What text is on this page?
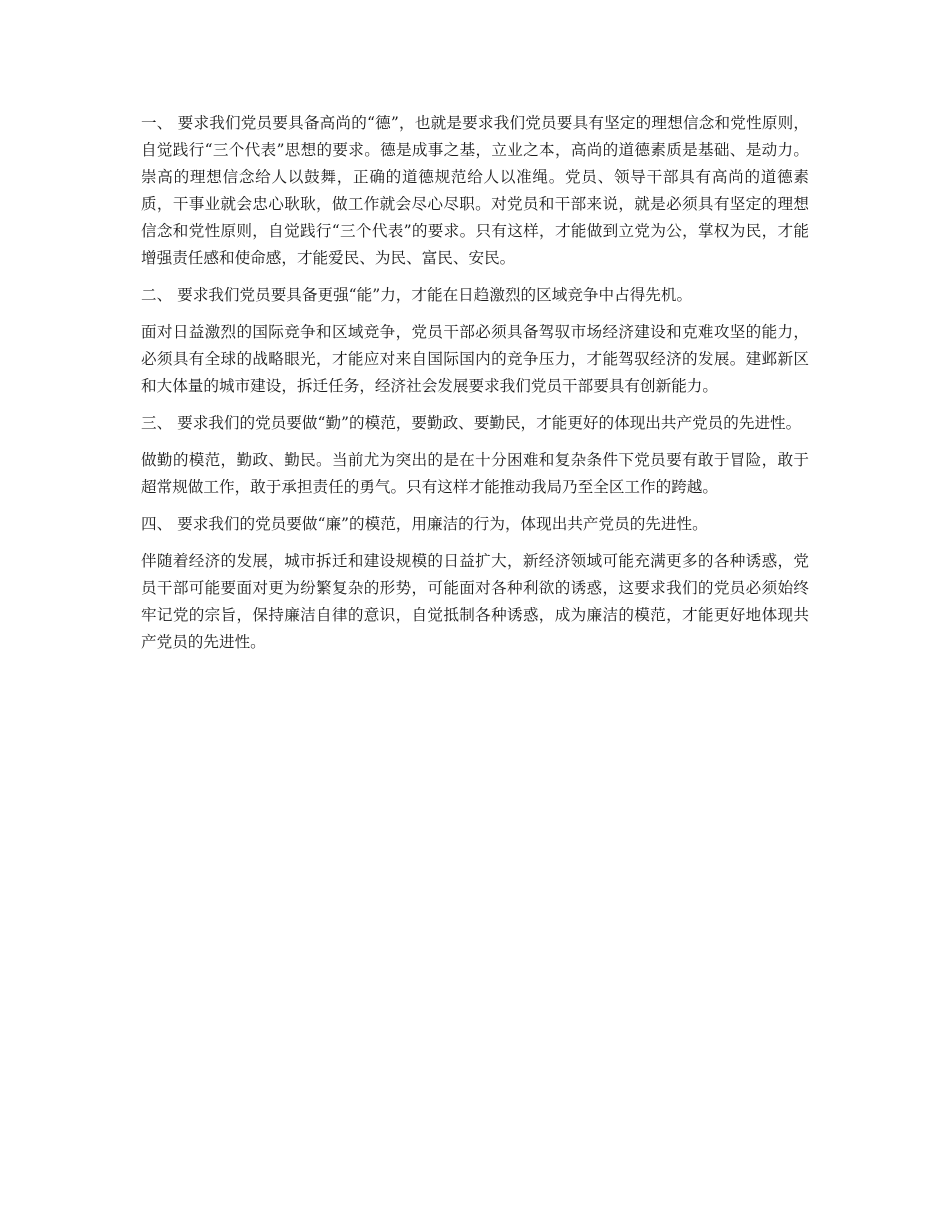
一、 要求我们党员要具备高尚的“德”，也就是要求我们党员要具有坚定的理想信念和党性原则，自觉践行“三个代表”思想的要求。德是成事之基，立业之本，高尚的道德素质是基础、是动力。崇高的理想信念给人以鼓舞，正确的道德规范给人以准绳。党员、领导干部具有高尚的道德素质，干事业就会忠心耿耿，做工作就会尽心尽职。对党员和干部来说，就是必须具有坚定的理想信念和党性原则，自觉践行“三个代表”的要求。只有这样，才能做到立党为公，掌权为民，才能增强责任感和使命感，才能爱民、为民、富民、安民。

二、 要求我们党员要具备更强“能”力，才能在日趋激烈的区域竞争中占得先机。

面对日益激烈的国际竞争和区域竞争，党员干部必须具备驾驭市场经济建设和克难攻坚的能力，必须具有全球的战略眼光，才能应对来自国际国内的竞争压力，才能驾驭经济的发展。建邺新区和大体量的城市建设，拆迁任务，经济社会发展要求我们党员干部要具有创新能力。

三、 要求我们的党员要做“勤”的模范，要勤政、要勤民，才能更好的体现出共产党员的先进性。

做勤的模范，勤政、勤民。当前尤为突出的是在十分困难和复杂条件下党员要有敢于冒险，敢于超常规做工作，敢于承担责任的勇气。只有这样才能推动我局乃至全区工作的跨越。

四、 要求我们的党员要做“廉”的模范，用廉洁的行为，体现出共产党员的先进性。

伴随着经济的发展，城市拆迁和建设规模的日益扩大，新经济领域可能充满更多的各种诱惑，党员干部可能要面对更为纷繁复杂的形势，可能面对各种利欲的诱惑，这要求我们的党员必须始终牢记党的宗旨，保持廉洁自律的意识，自觉抵制各种诱惑，成为廉洁的模范，才能更好地体现共产党员的先进性。
